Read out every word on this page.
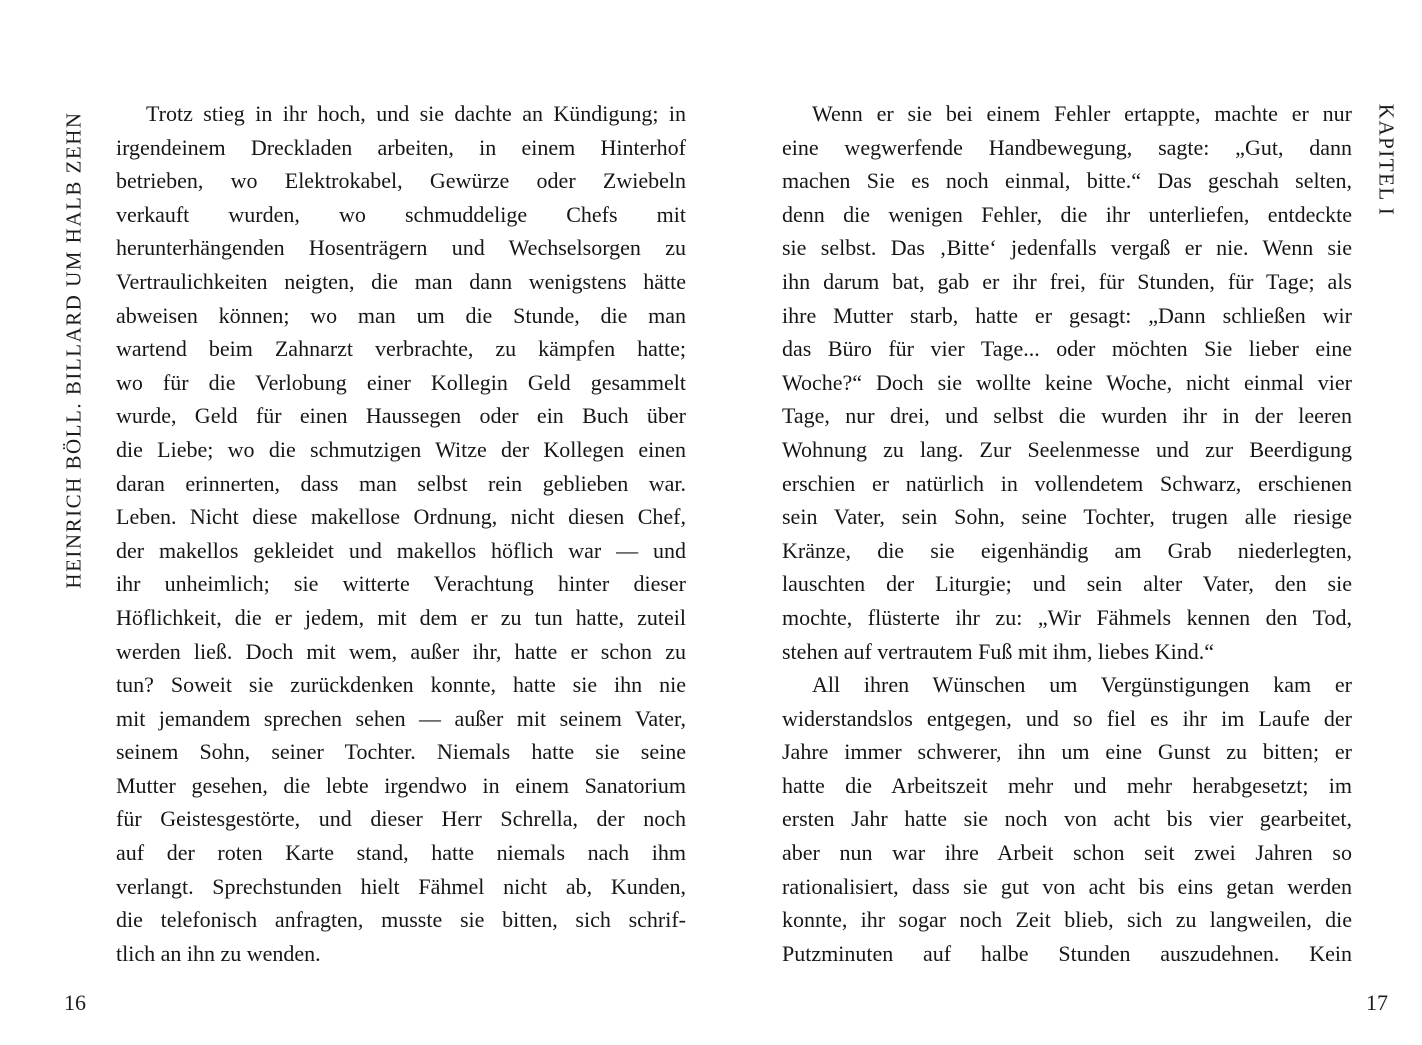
HEINRICH BÖLL. BILLARD UM HALB ZEHN	Trotz stieg in ihr hoch, und sie dachte an Kündigung; in
irgendeinem Dreckladen arbeiten, in einem Hinterhof
betrieben, wo Elektrokabel, Gewürze oder Zwiebeln
verkauft wurden, wo schmuddelige Chefs mit
herunterhängenden Hosenträgern und Wechselsorgen zu
Vertraulichkeiten neigten, die man dann wenigstens hätte
abweisen können; wo man um die Stunde, die man
wartend beim Zahnarzt verbrachte, zu kämpfen hatte;
wo für die Verlobung einer Kollegin Geld gesammelt
wurde, Geld für einen Haussegen oder ein Buch über
die Liebe; wo die schmutzigen Witze der Kollegen einen
daran erinnerten, dass man selbst rein geblieben war.
Leben. Nicht diese makellose Ordnung, nicht diesen Chef,
der makellos gekleidet und makellos höflich war — und
ihr unheimlich; sie witterte Verachtung hinter dieser
Höflichkeit, die er jedem, mit dem er zu tun hatte, zuteil
werden ließ. Doch mit wem, außer ihr, hatte er schon zu
tun? Soweit sie zurückdenken konnte, hatte sie ihn nie
mit jemandem sprechen sehen — außer mit seinem Vater,
seinem Sohn, seiner Tochter. Niemals hatte sie seine
Mutter gesehen, die lebte irgendwo in einem Sanatorium
für Geistesgestörte, und dieser Herr Schrella, der noch
auf der roten Karte stand, hatte niemals nach ihm
verlangt. Sprechstunden hielt Fähmel nicht ab, Kunden,
die telefonisch anfragten, musste sie bitten, sich schrif-
tlich an ihn zu wenden.
16
KAPITEL I
Wenn er sie bei einem Fehler ertappte, machte er nur
eine wegwerfende Handbewegung, sagte: „Gut, dann
machen Sie es noch einmal, bitte.“ Das geschah selten,
denn die wenigen Fehler, die ihr unterliefen, entdeckte
sie selbst. Das ‚Bitte‘ jedenfalls vergaß er nie. Wenn sie
ihn darum bat, gab er ihr frei, für Stunden, für Tage; als
ihre Mutter starb, hatte er gesagt: „Dann schließen wir
das Büro für vier Tage... oder möchten Sie lieber eine
Woche?“ Doch sie wollte keine Woche, nicht einmal vier
Tage, nur drei, und selbst die wurden ihr in der leeren
Wohnung zu lang. Zur Seelenmesse und zur Beerdigung
erschien er natürlich in vollendetem Schwarz, erschienen
sein Vater, sein Sohn, seine Tochter, trugen alle riesige
Kränze, die sie eigenhändig am Grab niederlegten,
lauschten der Liturgie; und sein alter Vater, den sie
mochte, flüsterte ihr zu: „Wir Fähmels kennen den Tod,
stehen auf vertrautem Fuß mit ihm, liebes Kind.“
All ihren Wünschen um Vergünstigungen kam er
widerstandslos entgegen, und so fiel es ihr im Laufe der
Jahre immer schwerer, ihn um eine Gunst zu bitten; er
hatte die Arbeitszeit mehr und mehr herabgesetzt; im
ersten Jahr hatte sie noch von acht bis vier gearbeitet,
aber nun war ihre Arbeit schon seit zwei Jahren so
rationalisiert, dass sie gut von acht bis eins getan werden
konnte, ihr sogar noch Zeit blieb, sich zu langweilen, die
Putzminuten auf halbe Stunden auszudehnen. Kein
17
